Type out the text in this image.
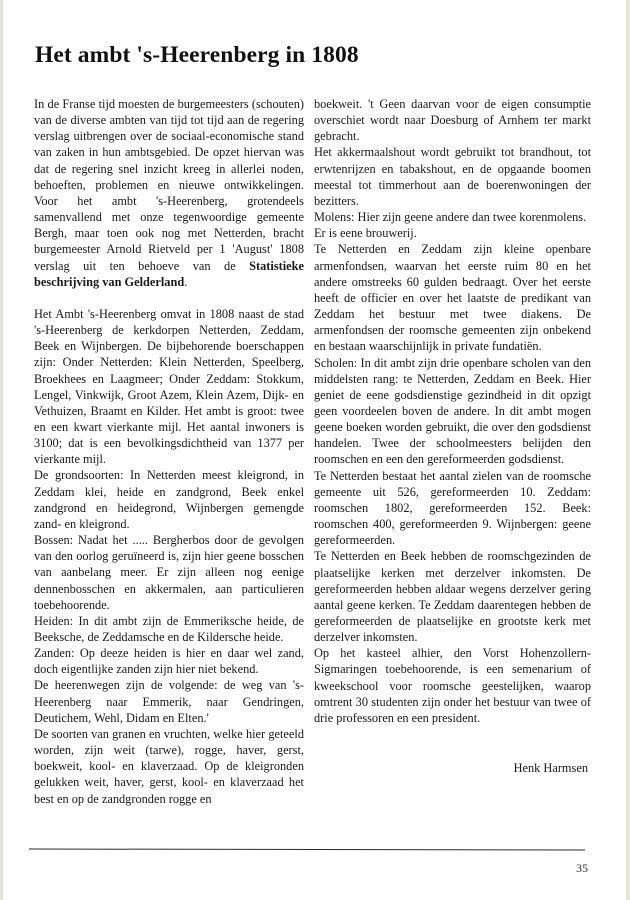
Het ambt 's-Heerenberg in 1808

In de Franse tijd moesten de burgemeesters (schouten) van de diverse ambten van tijd tot tijd aan de regering verslag uitbrengen over de sociaal-economische stand van zaken in hun ambtsgebied. De opzet hiervan was dat de regering snel inzicht kreeg in allerlei noden, behoeften, problemen en nieuwe ontwikkelingen. Voor het ambt 's-Heerenberg, grotendeels samenvallend met onze tegenwoordige gemeente Bergh, maar toen ook nog met Netterden, bracht burgemeester Arnold Rietveld per 1 'August' 1808 verslag uit ten behoeve van de Statistieke beschrijving van Gelderland.

Het Ambt 's-Heerenberg omvat in 1808 naast de stad 's-Heerenberg de kerkdorpen Netterden, Zeddam, Beek en Wijnbergen. De bijbehorende boerschappen zijn: Onder Netterden: Klein Netterden, Speelberg, Broekhees en Laagmeer; Onder Zeddam: Stokkum, Lengel, Vinkwijk, Groot Azem, Klein Azem, Dijk- en Vethuizen, Braamt en Kilder. Het ambt is groot: twee en een kwart vierkante mijl. Het aantal inwoners is 3100; dat is een bevolkingsdichtheid van 1377 per vierkante mijl.

De grondsoorten: In Netterden meest kleigrond, in Zeddam klei, heide en zandgrond, Beek enkel zandgrond en heidegrond, Wijnbergen gemengde zand- en kleigrond.

Bossen: Nadat het ..... Bergherbos door de gevolgen van den oorlog geruïneerd is, zijn hier geene bosschen van aanbelang meer. Er zijn alleen nog eenige dennenbosschen en akkermalen, aan particulieren toebehoorende.

Heiden: In dit ambt zijn de Emmeriksche heide, de Beeksche, de Zeddamsche en de Kildersche heide.

Zanden: Op deeze heiden is hier en daar wel zand, doch eigentlijke zanden zijn hier niet bekend.

De heerenwegen zijn de volgende: de weg van 's-Heerenberg naar Emmerik, naar Gendringen, Deutichem, Wehl, Didam en Elten.'

De soorten van granen en vruchten, welke hier geteeld worden, zijn weit (tarwe), rogge, haver, gerst, boekweit, kool- en klaverzaad. Op de kleigronden gelukken weit, haver, gerst, kool- en klaverzaad het best en op de zandgronden rogge en

boekweit. 't Geen daarvan voor de eigen consumptie overschiet wordt naar Doesburg of Arnhem ter markt gebracht.

Het akkermaalshout wordt gebruikt tot brandhout, tot erwtenrijzen en tabakshout, en de opgaande boomen meestal tot timmerhout aan de boerenwoningen der bezitters.

Molens: Hier zijn geene andere dan twee korenmolens.

Er is eene brouwerij.

Te Netterden en Zeddam zijn kleine openbare armenfondsen, waarvan het eerste ruim 80 en het andere omstreeks 60 gulden bedraagt. Over het eerste heeft de officier en over het laatste de predikant van Zeddam het bestuur met twee diakens. De armenfondsen der roomsche gemeenten zijn onbekend en bestaan waarschijnlijk in private fundatiën.

Scholen: In dit ambt zijn drie openbare scholen van den middelsten rang: te Netterden, Zeddam en Beek. Hier geniet de eene godsdienstige gezindheid in dit opzigt geen voordeelen boven de andere. In dit ambt mogen geene boeken worden gebruikt, die over den godsdienst handelen. Twee der schoolmeesters belijden den roomschen en een den gereformeerden godsdienst.

Te Netterden bestaat het aantal zielen van de roomsche gemeente uit 526, gereformeerden 10. Zeddam: roomschen 1802, gereformeerden 152. Beek: roomschen 400, gereformeerden 9. Wijnbergen: geene gereformeerden.

Te Netterden en Beek hebben de roomschgezinden de plaatselijke kerken met derzelver inkomsten. De gereformeerden hebben aldaar wegens derzelver gering aantal geene kerken. Te Zeddam daarentegen hebben de gereformeerden de plaatselijke en grootste kerk met derzelver inkomsten.

Op het kasteel alhier, den Vorst Hohenzollern-Sigmaringen toebehoorende, is een semenarium of kweekschool voor roomsche geestelijken, waarop omtrent 30 studenten zijn onder het bestuur van twee of drie professoren en een president.

Henk Harmsen
35
